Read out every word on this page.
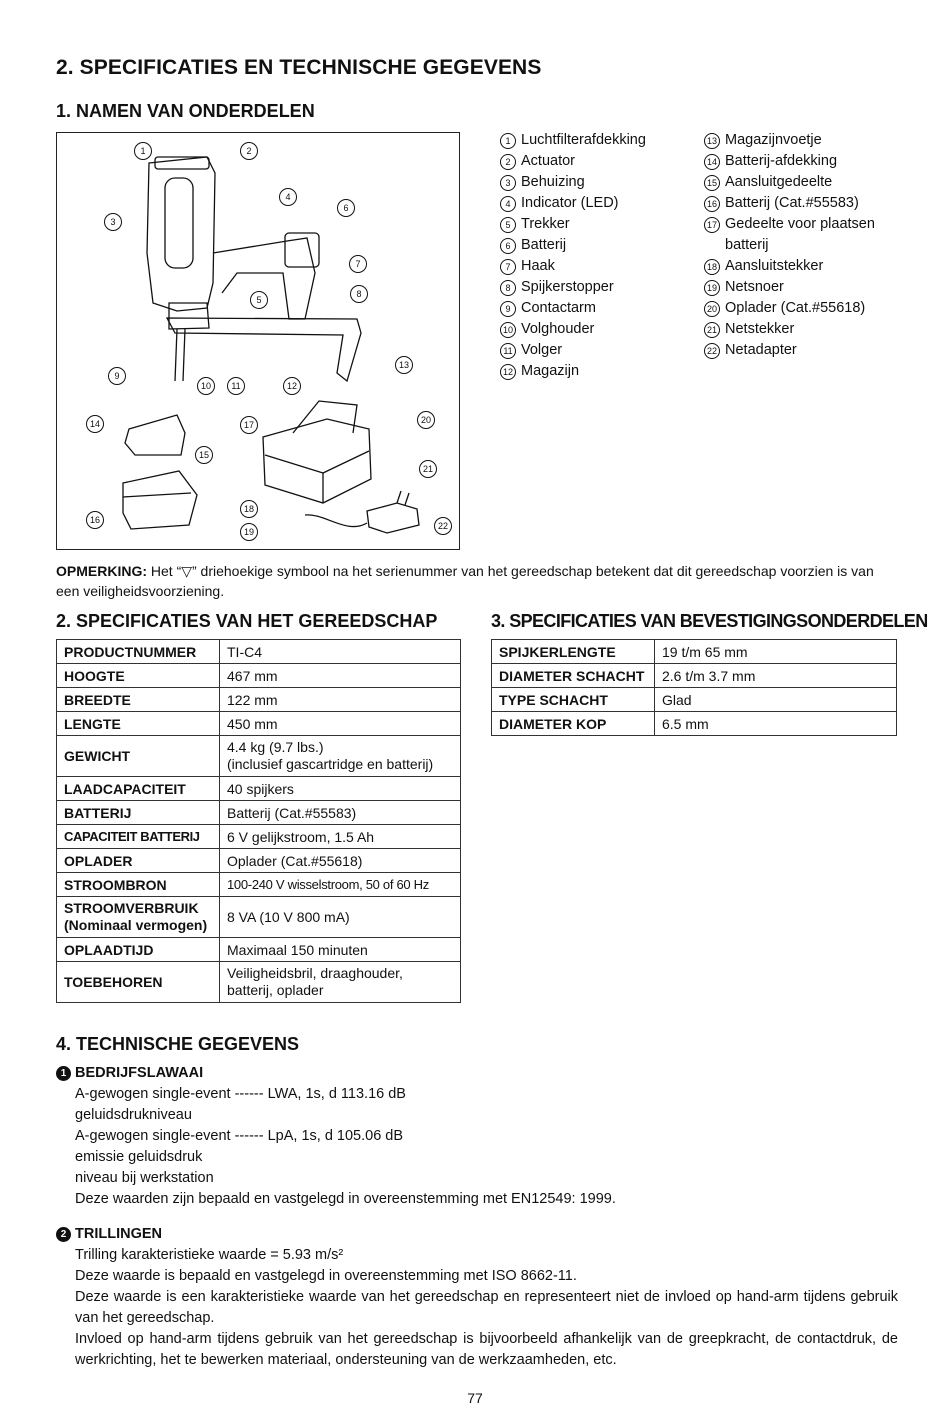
2. SPECIFICATIES EN TECHNISCHE GEGEVENS
1. NAMEN VAN ONDERDELEN
1	2
3
4
5
6
7
8
9
10	11	12
13
14
15
16
17
18
19
20
21
22
1 Luchtfilterafdekking
2 Actuator
3 Behuizing
4 Indicator (LED)
5 Trekker
6 Batterij
7 Haak
8 Spijkerstopper
9 Contactarm
10 Volghouder
11 Volger
12 Magazijn
13 Magazijnvoetje
14 Batterij-afdekking
15 Aansluitgedeelte
16 Batterij (Cat.#55583)
17 Gedeelte voor plaatsen batterij
18 Aansluitstekker
19 Netsnoer
20 Oplader (Cat.#55618)
21 Netstekker
22 Netadapter
OPMERKING: Het “▽” driehoekige symbool na het serienummer van het gereedschap betekent dat dit gereedschap voorzien is van een veiligheidsvoorziening.
2. SPECIFICATIES VAN HET GEREEDSCHAP	3. SPECIFICATIES VAN BEVESTIGINGSONDERDELEN
PRODUCTNUMMER	TI-C4

HOOGTE	467 mm

BREEDTE	122 mm

LENGTE	450 mm

GEWICHT	4.4 kg (9.7 lbs.)
(inclusief gascartridge en batterij)

LAADCAPACITEIT	40 spijkers

BATTERIJ	Batterij (Cat.#55583)

CAPACITEIT BATTERIJ	6 V gelijkstroom, 1.5 Ah

OPLADER	Oplader (Cat.#55618)

STROOMBRON	100-240 V wisselstroom, 50 of 60 Hz

STROOMVERBRUIK
(Nominaal vermogen)	8 VA (10 V 800 mA)

OPLAADTIJD	Maximaal 150 minuten

TOEBEHOREN	Veiligheidsbril, draaghouder,
batterij, oplader
SPIJKERLENGTE	19 t/m 65 mm

DIAMETER SCHACHT	2.6 t/m 3.7 mm

TYPE SCHACHT	Glad

DIAMETER KOP	6.5 mm
4. TECHNISCHE GEGEVENS
1 BEDRIJFSLAWAAI
A-gewogen single-event ------ LWA, 1s, d 113.16 dB
geluidsdrukniveau
A-gewogen single-event ------ LpA, 1s, d 105.06 dB
emissie geluidsdruk
niveau bij werkstation
Deze waarden zijn bepaald en vastgelegd in overeenstemming met EN12549: 1999.
2 TRILLINGEN
Trilling karakteristieke waarde = 5.93 m/s²
Deze waarde is bepaald en vastgelegd in overeenstemming met ISO 8662-11.
Deze waarde is een karakteristieke waarde van het gereedschap en representeert niet de invloed op hand-arm tijdens gebruik van het gereedschap.
Invloed op hand-arm tijdens gebruik van het gereedschap is bijvoorbeeld afhankelijk van de greepkracht, de contactdruk, de werkrichting, het te bewerken materiaal, ondersteuning van de werkzaamheden, etc.
77
